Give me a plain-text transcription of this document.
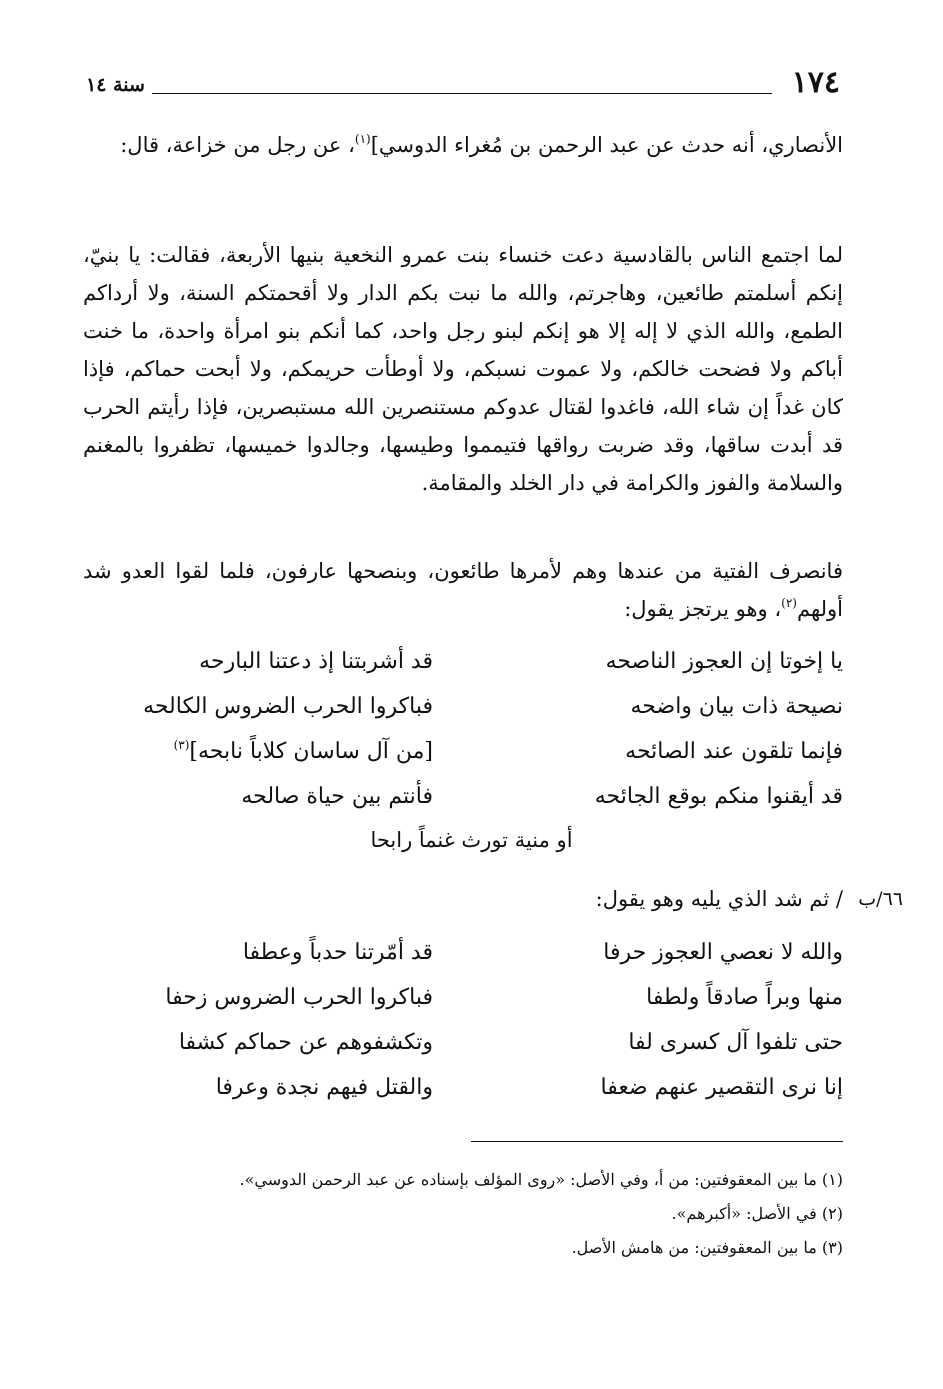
١٧٤
سنة ١٤
الأنصاري، أنه حدث عن عبد الرحمن بن مُغراء الدوسي]$^{(١)}$، عن رجل من خزاعة، قال:
لما اجتمع الناس بالقادسية دعت خنساء بنت عمرو النخعية بنيها الأربعة، فقالت: يا بنيّ، إنكم أسلمتم طائعين، وهاجرتم، والله ما نبت بكم الدار ولا أقحمتكم السنة، ولا أرداكم الطمع، والله الذي لا إله إلا هو إنكم لبنو رجل واحد، كما أنكم بنو امرأة واحدة، ما خنت أباكم ولا فضحت خالكم، ولا عموت نسبكم، ولا أوطأت حريمكم، ولا أبحت حماكم، فإذا كان غداً إن شاء الله، فاغدوا لقتال عدوكم مستنصرين الله مستبصرين، فإذا رأيتم الحرب قد أبدت ساقها، وقد ضربت رواقها فتيمموا وطيسها، وجالدوا خميسها، تظفروا بالمغنم والسلامة والفوز والكرامة في دار الخلد والمقامة.
فانصرف الفتية من عندها وهم لأمرها طائعون، وبنصحها عارفون، فلما لقوا العدو شد أولهم$^{(٢)}$، وهو يرتجز يقول:
يا إخوتا إن العجوز الناصحه
قد أشربتنا إذ دعتنا البارحه
نصيحة ذات بيان واضحه
فباكروا الحرب الضروس الكالحه
فإنما تلقون عند الصائحه
[من آل ساسان كلاباً نابحه]$^{(٣)}$
قد أيقنوا منكم بوقع الجائحه
فأنتم بين حياة صالحه
أو منية تورث غنماً رابحا
٦٦/ب
/ ثم شد الذي يليه وهو يقول:
والله لا نعصي العجوز حرفا
قد أمّرتنا حدباً وعطفا
منها وبراً صادقاً ولطفا
فباكروا الحرب الضروس زحفا
حتى تلفوا آل كسرى لفا
وتكشفوهم عن حماكم كشفا
إنا نرى التقصير عنهم ضعفا
والقتل فيهم نجدة وعرفا
(١) ما بين المعقوفتين: من أ، وفي الأصل: «روى المؤلف بإسناده عن عبد الرحمن الدوسي».
(٢) في الأصل: «أكبرهم».
(٣) ما بين المعقوفتين: من هامش الأصل.
